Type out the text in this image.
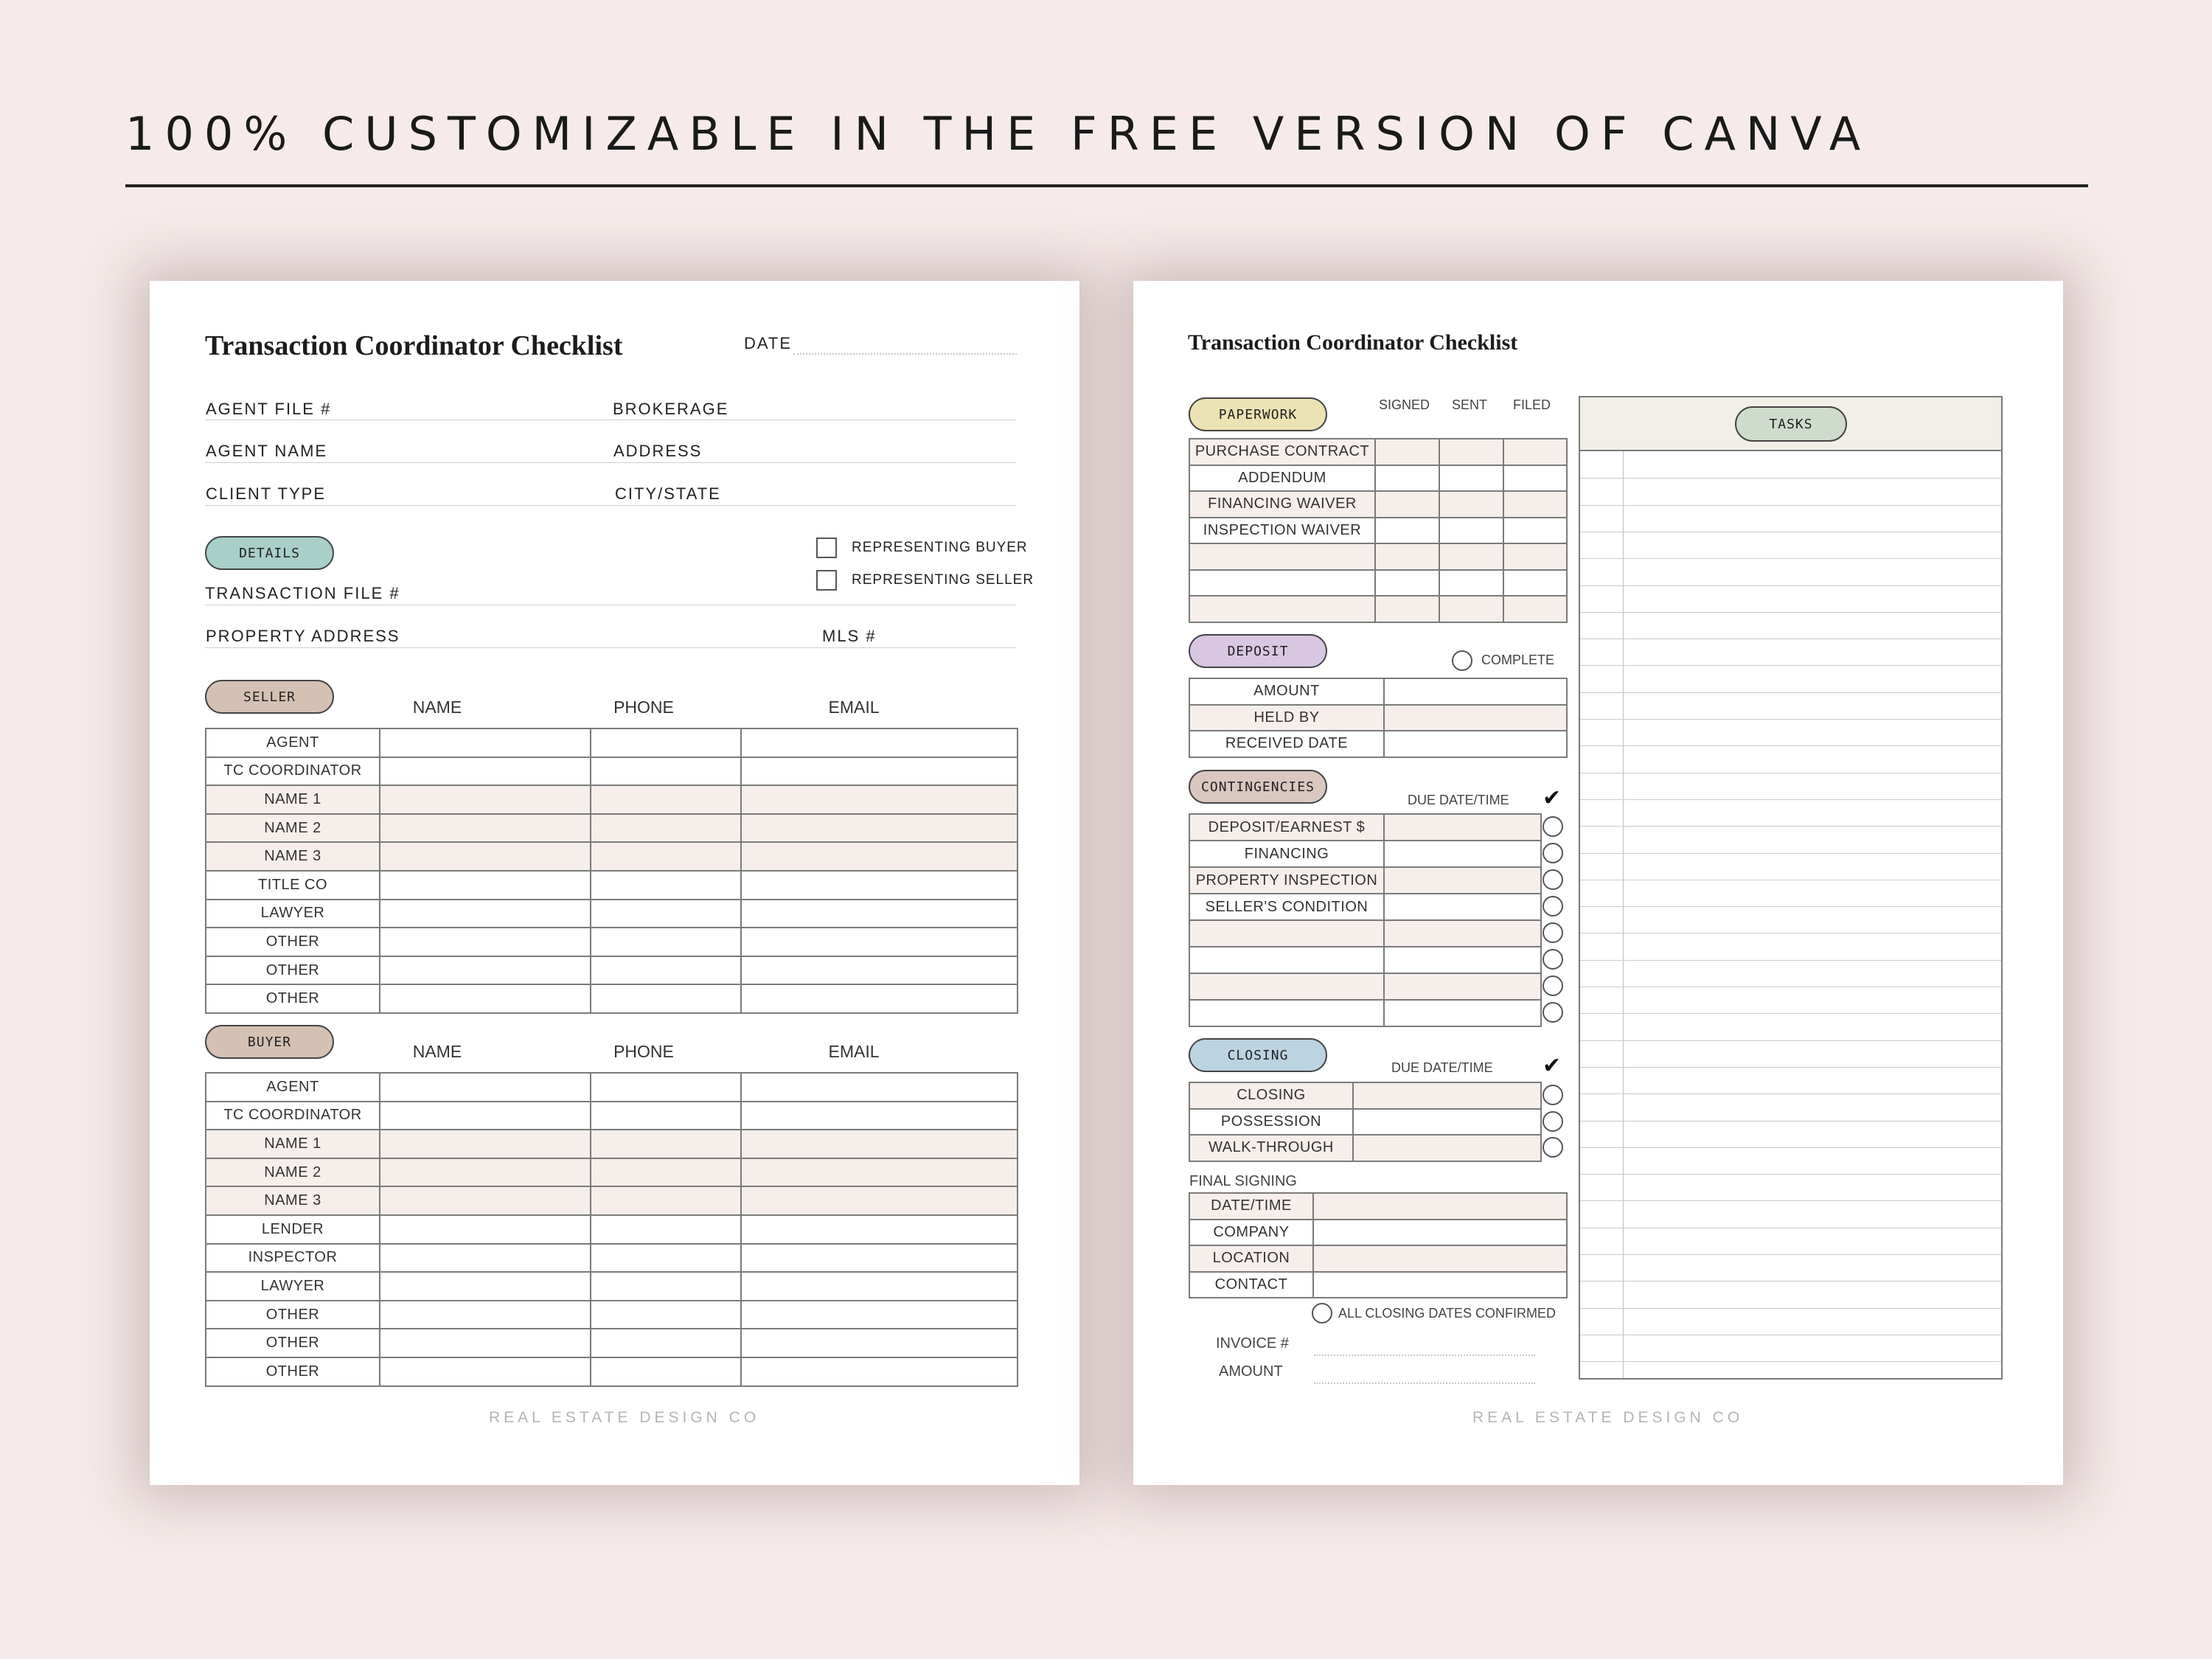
100% CUSTOMIZABLE IN THE FREE VERSION OF CANVA
Transaction Coordinator Checklist	DATE
AGENT FILE #	BROKERAGE
AGENT NAME	ADDRESS
CLIENT TYPE	CITY/STATE
DETAILS	REPRESENTING BUYER
REPRESENTING SELLER
TRANSACTION FILE #
PROPERTY ADDRESS	MLS #
SELLER
NAME	PHONE	EMAIL
AGENT			
TC COORDINATOR			
NAME 1			
NAME 2			
NAME 3			
TITLE CO			
LAWYER			
OTHER			
OTHER			
OTHER			
BUYER	NAME	PHONE	EMAIL
AGENT			
TC COORDINATOR			
NAME 1			
NAME 2			
NAME 3			
LENDER			
INSPECTOR			
LAWYER			
OTHER			
OTHER			
OTHER			
REAL ESTATE DESIGN CO
Transaction Coordinator Checklist
PAPERWORK
SIGNED SENT FILED
PURCHASE CONTRACT			
ADDENDUM			
FINANCING WAIVER			
INSPECTION WAIVER			

DEPOSIT
COMPLETE
AMOUNT	
HELD BY	
RECEIVED DATE	
CONTINGENCIES
DUE DATE/TIME ✔
DEPOSIT/EARNEST $	
FINANCING	
PROPERTY INSPECTION	
SELLER'S CONDITION	

CLOSING
DUE DATE/TIME ✔
CLOSING	
POSSESSION	
WALK-THROUGH	
FINAL SIGNING
DATE/TIME	
COMPANY	
LOCATION	
CONTACT	
ALL CLOSING DATES CONFIRMED
INVOICE #
AMOUNT
TASKS
REAL ESTATE DESIGN CO
